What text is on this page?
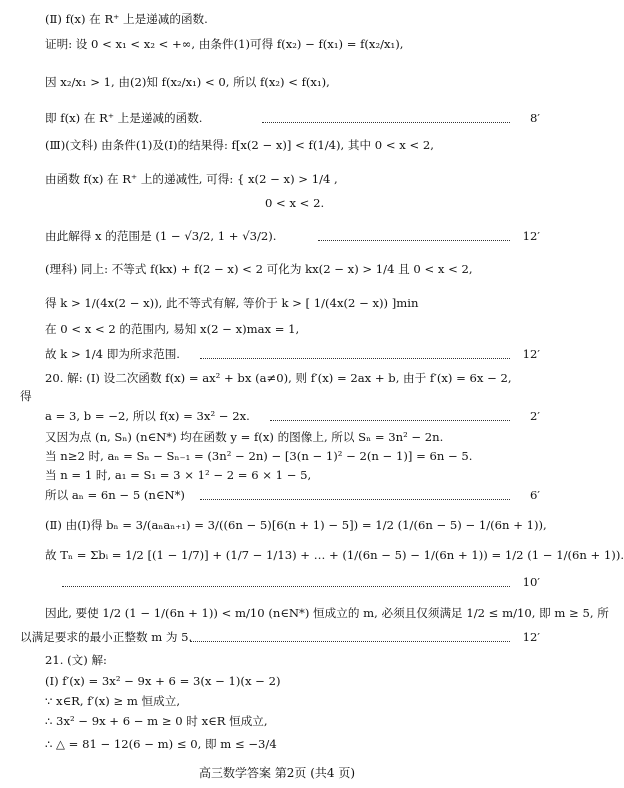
(Ⅱ) f(x) 在 R⁺ 上是递减的函数.
证明: 设 0 < x₁ < x₂ < +∞, 由条件(1)可得 f(x₂) − f(x₁) = f(x₂/x₁),
因 x₂/x₁ > 1, 由(2)知 f(x₂/x₁) < 0, 所以 f(x₂) < f(x₁),
即 f(x) 在 R⁺ 上是递减的函数.	8′
(Ⅲ)(文科) 由条件(1)及(Ⅰ)的结果得: f[x(2 − x)] < f(1/4), 其中 0 < x < 2,
由函数 f(x) 在 R⁺ 上的递减性, 可得: { x(2 − x) > 1/4 ,
0 < x < 2.
由此解得 x 的范围是 (1 − √3/2, 1 + √3/2).	12′
(理科) 同上: 不等式 f(kx) + f(2 − x) < 2 可化为 kx(2 − x) > 1/4 且 0 < x < 2,
得 k > 1/(4x(2 − x)), 此不等式有解, 等价于 k > [ 1/(4x(2 − x)) ]min
在 0 < x < 2 的范围内, 易知 x(2 − x)max = 1,
故 k > 1/4 即为所求范围.	12′
20. 解: (Ⅰ) 设二次函数 f(x) = ax² + bx (a≠0), 则 f′(x) = 2ax + b, 由于 f′(x) = 6x − 2,
得
a = 3, b = −2, 所以 f(x) = 3x² − 2x.	2′
又因为点 (n, Sₙ) (n∈N*) 均在函数 y = f(x) 的图像上, 所以 Sₙ = 3n² − 2n.
当 n≥2 时, aₙ = Sₙ − Sₙ₋₁ = (3n² − 2n) − [3(n − 1)² − 2(n − 1)] = 6n − 5.
当 n = 1 时, a₁ = S₁ = 3 × 1² − 2 = 6 × 1 − 5,
所以 aₙ = 6n − 5 (n∈N*)	6′
(Ⅱ) 由(Ⅰ)得 bₙ = 3/(aₙaₙ₊₁) = 3/((6n − 5)[6(n + 1) − 5]) = 1/2 (1/(6n − 5) − 1/(6n + 1)),
故 Tₙ = Σbᵢ = 1/2 [(1 − 1/7)] + (1/7 − 1/13) + … + (1/(6n − 5) − 1/(6n + 1)) = 1/2 (1 − 1/(6n + 1)).
10′
因此, 要使 1/2 (1 − 1/(6n + 1)) < m/10 (n∈N*) 恒成立的 m, 必须且仅须满足 1/2 ≤ m/10, 即 m ≥ 5, 所
以满足要求的最小正整数 m 为 5.	12′
21. (文) 解:
(Ⅰ) f′(x) = 3x² − 9x + 6 = 3(x − 1)(x − 2)
∵ x∈R, f′(x) ≥ m 恒成立,
∴ 3x² − 9x + 6 − m ≥ 0 时 x∈R 恒成立,
∴ △ = 81 − 12(6 − m) ≤ 0, 即 m ≤ −3/4
高三数学答案 第2页 (共4 页)
